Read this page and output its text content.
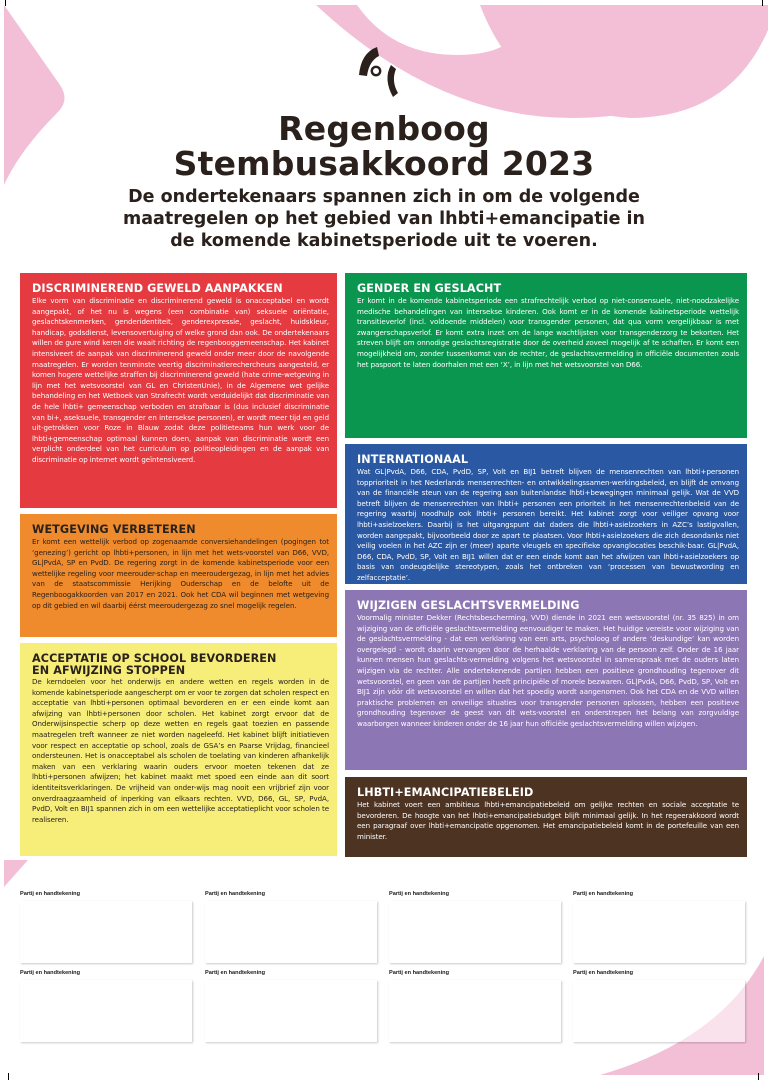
Regenboog
Stembusakkoord 2023
De ondertekenaars spannen zich in om de volgende
maatregelen op het gebied van lhbti+emancipatie in
de komende kabinetsperiode uit te voeren.
DISCRIMINEREND GEWELD AANPAKKEN

Elke vorm van discriminatie en discriminerend geweld is onacceptabel en wordt aangepakt, of het nu is wegens (een combinatie van) seksuele oriëntatie, geslachtskenmerken, genderidentiteit, genderexpressie, geslacht, huidskleur, handicap, godsdienst, levensovertuiging of welke grond dan ook. De ondertekenaars willen de gure wind keren die waait richting de regenbooggemeenschap. Het kabinet intensiveert de aanpak van discriminerend geweld onder meer door de navolgende maatregelen. Er worden tenminste veertig discriminatierechercheurs aangesteld, er komen hogere wettelijke straffen bij discriminerend geweld (hate crime-wetgeving in lijn met het wetsvoorstel van GL en ChristenUnie), in de Algemene wet gelijke behandeling en het Wetboek van Strafrecht wordt verduidelijkt dat discriminatie van de hele lhbti+ gemeenschap verboden en strafbaar is (dus inclusief discriminatie van bi+, aseksuele, transgender en intersekse personen), er wordt meer tijd en geld uit-getrokken voor Roze in Blauw zodat deze politieteams hun werk voor de lhbti+gemeenschap optimaal kunnen doen, aanpak van discriminatie wordt een verplicht onderdeel van het curriculum op politieopleidingen en de aanpak van discriminatie op internet wordt geïntensiveerd.

WETGEVING VERBETEREN

Er komt een wettelijk verbod op zogenaamde conversiehandelingen (pogingen tot ‘genezing’) gericht op lhbti+personen, in lijn met het wets-voorstel van D66, VVD, GL|PvdA, SP en PvdD. De regering zorgt in de komende kabinetsperiode voor een wettelijke regeling voor meerouder-schap en meeroudergezag, in lijn met het advies van de staatscommissie Herijking Ouderschap en de belofte uit de Regenboogakkoorden van 2017 en 2021. Ook het CDA wil beginnen met wetgeving op dit gebied en wil daarbij éérst meeroudergezag zo snel mogelijk regelen.

ACCEPTATIE OP SCHOOL BEVORDEREN
EN AFWIJZING STOPPEN

De kerndoelen voor het onderwijs en andere wetten en regels worden in de komende kabinetsperiode aangescherpt om er voor te zorgen dat scholen respect en acceptatie van lhbti+personen optimaal bevorderen en er een einde komt aan afwijzing van lhbti+personen door scholen. Het kabinet zorgt ervoor dat de Onderwijsinspectie scherp op deze wetten en regels gaat toezien en passende maatregelen treft wanneer ze niet worden nageleefd. Het kabinet blijft initiatieven voor respect en acceptatie op school, zoals de GSA’s en Paarse Vrijdag, financieel ondersteunen. Het is onacceptabel als scholen de toelating van kinderen afhankelijk maken van een verklaring waarin ouders ervoor moeten tekenen dat ze lhbti+personen afwijzen; het kabinet maakt met spoed een einde aan dit soort identiteitsverklaringen. De vrijheid van onder-wijs mag nooit een vrijbrief zijn voor onverdraagzaamheid of inperking van elkaars rechten. VVD, D66, GL, SP, PvdA, PvdD, Volt en BIJ1 spannen zich in om een wettelijke acceptatieplicht voor scholen te realiseren.

GENDER EN GESLACHT

Er komt in de komende kabinetsperiode een strafrechtelijk verbod op niet-consensuele, niet-noodzakelijke medische behandelingen van intersekse kinderen. Ook komt er in de komende kabinetsperiode wettelijk transitieverlof (incl. voldoende middelen) voor transgender personen, dat qua vorm vergelijkbaar is met zwangerschapsverlof. Er komt extra inzet om de lange wachtlijsten voor transgenderzorg te bekorten. Het streven blijft om onnodige geslachtsregistratie door de overheid zoveel mogelijk af te schaffen. Er komt een mogelijkheid om, zonder tussenkomst van de rechter, de geslachtsvermelding in officiële documenten zoals het paspoort te laten doorhalen met een ‘X’, in lijn met het wetsvoorstel van D66.

INTERNATIONAAL

Wat GL|PvdA, D66, CDA, PvdD, SP, Volt en BIJ1 betreft blijven de mensenrechten van lhbti+personen topprioriteit in het Nederlands mensenrechten- en ontwikkelingssamen-werkingsbeleid, en blijft de omvang van de financiële steun van de regering aan buitenlandse lhbti+bewegingen minimaal gelijk. Wat de VVD betreft blijven de mensenrechten van lhbti+ personen een prioriteit in het mensenrechtenbeleid van de regering waarbij noodhulp ook lhbti+ personen bereikt. Het kabinet zorgt voor veiliger opvang voor lhbti+asielzoekers. Daarbij is het uitgangspunt dat daders die lhbti+asielzoekers in AZC’s lastigvallen, worden aangepakt, bijvoorbeeld door ze apart te plaatsen. Voor lhbti+asielzoekers die zich desondanks niet veilig voelen in het AZC zijn er (meer) aparte vleugels en specifieke opvanglocaties beschik-baar. GL|PvdA, D66, CDA, PvdD, SP, Volt en BIJ1 willen dat er een einde komt aan het afwijzen van lhbti+asielzoekers op basis van ondeugdelijke stereotypen, zoals het ontbreken van ‘processen van bewustwording en zelfacceptatie’.

WIJZIGEN GESLACHTSVERMELDING

Voormalig minister Dekker (Rechtsbescherming, VVD) diende in 2021 een wetsvoorstel (nr. 35 825) in om wijziging van de officiële geslachtsvermelding eenvoudiger te maken. Het huidige vereiste voor wijziging van de geslachtsvermelding - dat een verklaring van een arts, psycholoog of andere ‘deskundige’ kan worden overgelegd - wordt daarin vervangen door de herhaalde verklaring van de persoon zelf. Onder de 16 jaar kunnen mensen hun geslachts-vermelding volgens het wetsvoorstel in samenspraak met de ouders laten wijzigen via de rechter. Alle ondertekenende partijen hebben een positieve grondhouding tegenover dit wetsvoorstel, en geen van de partijen heeft principiële of morele bezwaren. GL|PvdA, D66, PvdD, SP, Volt en BIJ1 zijn vóór dit wetsvoorstel en willen dat het spoedig wordt aangenomen. Ook het CDA en de VVD willen praktische problemen en onveilige situaties voor transgender personen oplossen, hebben een positieve grondhouding tegenover de geest van dit wets-voorstel en onderstrepen het belang van zorgvuldige waarborgen wanneer kinderen onder de 16 jaar hun officiële geslachtsvermelding willen wijzigen.

LHBTI+EMANCIPATIEBELEID

Het kabinet voert een ambitieus lhbti+emancipatiebeleid om gelijke rechten en sociale acceptatie te bevorderen. De hoogte van het lhbti+emancipatiebudget blijft minimaal gelijk. In het regeerakkoord wordt een paragraaf over lhbti+emancipatie opgenomen. Het emancipatiebeleid komt in de portefeuille van een minister.

Partij en handtekening	Partij en handtekening	Partij en handtekening	Partij en handtekening
Partij en handtekening	Partij en handtekening	Partij en handtekening	Partij en handtekening
